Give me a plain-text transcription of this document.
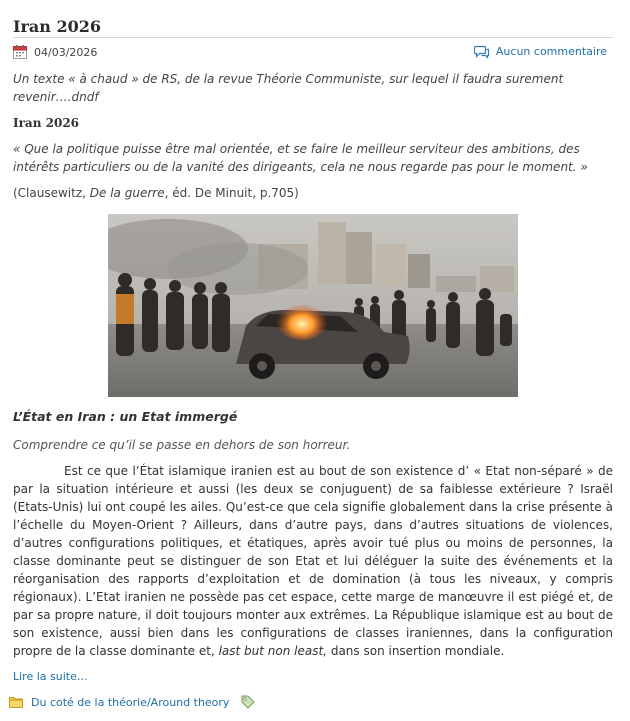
Iran 2026
04/03/2026	Aucun commentaire

Un texte « à chaud » de RS, de la revue Théorie Communiste, sur lequel il faudra surement revenir….dndf

Iran 2026

« Que la politique puisse être mal orientée, et se faire le meilleur serviteur des ambitions, des intérêts particuliers ou de la vanité des dirigeants, cela ne nous regarde pas pour le moment. »

(Clausewitz, De la guerre, éd. De Minuit, p.705)

L’État en Iran : un Etat immergé

Comprendre ce qu’il se passe en dehors de son horreur.

Est ce que l’État islamique iranien est au bout de son existence d’ « Etat non-séparé » de par la situation intérieure et aussi (les deux se conjuguent) de sa faiblesse extérieure ? Israël (Etats-Unis) lui ont coupé les ailes. Qu’est-ce que cela signifie globalement dans la crise présente à l’échelle du Moyen-Orient ? Ailleurs, dans d’autre pays, dans d’autres situations de violences, d’autres configurations politiques, et étatiques, après avoir tué plus ou moins de personnes, la classe dominante peut se distinguer de son Etat et lui déléguer la suite des événements et la réorganisation des rapports d’exploitation et de domination (à tous les niveaux, y compris régionaux). L’Etat iranien ne possède pas cet espace, cette marge de manœuvre il est piégé et, de par sa propre nature, il doit toujours monter aux extrêmes. La République islamique est au bout de son existence, aussi bien dans les configurations de classes iraniennes, dans la configuration propre de la classe dominante et, last but non least, dans son insertion mondiale.

Lire la suite…
Du coté de la théorie/Around theory
